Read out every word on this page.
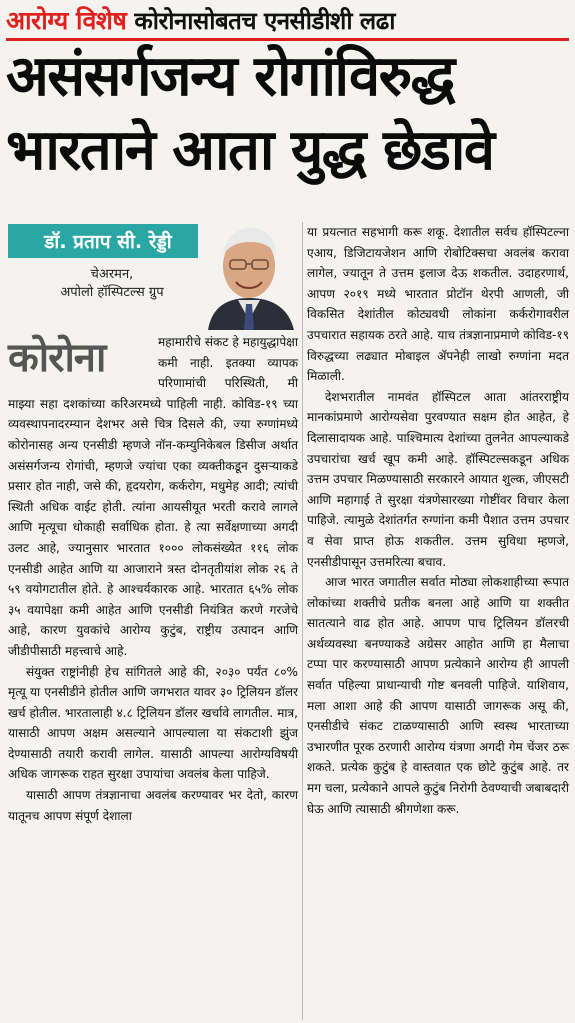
आरोग्य विशेष कोरोनासोबतच एनसीडीशी लढा
असंसर्गजन्य रोगांविरुद्ध
भारताने आता युद्ध छेडावे
डॉ. प्रताप सी. रेड्डी
चेअरमन,
अपोलो हॉस्पिटल्स ग्रुप
कोरोना	महामारीचे संकट हे महायुद्धापेक्षा कमी नाही. इतक्या व्यापक परिणामांची परिस्थिती, मी माझ्या सहा दशकांच्या करिअरमध्ये पाहिली नाही. कोविड-१९ च्या व्यवस्थापनादरम्यान देशभर असे चित्र दिसले की, ज्या रुग्णांमध्ये कोरोनासह अन्य एनसीडी म्हणजे नॉन-कम्युनिकेबल डिसीज अर्थात असंसर्गजन्य रोगांची, म्हणजे ज्यांचा एका व्यक्तीकडून दुसऱ्याकडे प्रसार होत नाही, जसे की, हृदयरोग, कर्करोग, मधुमेह आदी; त्यांची स्थिती अधिक वाईट होती. त्यांना आयसीयूत भरती करावे लागले आणि मृत्यूचा धोकाही सर्वाधिक होता. हे त्या सर्वेक्षणाच्या अगदी उलट आहे, ज्यानुसार भारतात १००० लोकसंख्येत ११६ लोक एनसीडी आहेत आणि या आजाराने त्रस्त दोनतृतीयांश लोक २६ ते ५९ वयोगटातील होते. हे आश्चर्यकारक आहे. भारतात ६५% लोक ३५ वयापेक्षा कमी आहेत आणि एनसीडी नियंत्रित करणे गरजेचे आहे, कारण युवकांचे आरोग्य कुटुंब, राष्ट्रीय उत्पादन आणि जीडीपीसाठी महत्त्वाचे आहे.

संयुक्त राष्ट्रांनीही हेच सांगितले आहे की, २०३० पर्यंत ८०% मृत्यू या एनसीडीने होतील आणि जगभरात यावर ३० ट्रिलियन डॉलर खर्च होतील. भारतालाही ४.८ ट्रिलियन डॉलर खर्चावे लागतील. मात्र, यासाठी आपण अक्षम असल्याने आपल्याला या संकटाशी झुंज देण्यासाठी तयारी करावी लागेल. यासाठी आपल्या आरोग्यविषयी अधिक जागरूक राहत सुरक्षा उपायांचा अवलंब केला पाहिजे.

यासाठी आपण तंत्रज्ञानाचा अवलंब करण्यावर भर देतो, कारण यातूनच आपण संपूर्ण देशाला

या प्रयत्नात सहभागी करू शकू. देशातील सर्वच हॉस्पिटल्ना एआय, डिजिटायजेशन आणि रोबोटिक्सचा अवलंब करावा लागेल, ज्यातून ते उत्तम इलाज देऊ शकतील. उदाहरणार्थ, आपण २०१९ मध्ये भारतात प्रोटॉन थेरपी आणली, जी विकसित देशांतील कोट्यवधी लोकांना कर्करोगावरील उपचारात सहायक ठरते आहे. याच तंत्रज्ञानाप्रमाणे कोविड-१९ विरुद्धच्या लढ्यात मोबाइल ॲपनेही लाखो रुग्णांना मदत मिळाली.

देशभरातील नामवंत हॉस्पिटल आता आंतरराष्ट्रीय मानकांप्रमाणे आरोग्यसेवा पुरवण्यात सक्षम होत आहेत, हे दिलासादायक आहे. पाश्चिमात्य देशांच्या तुलनेत आपल्याकडे उपचारांचा खर्च खूप कमी आहे. हॉस्पिटल्सकडून अधिक उत्तम उपचार मिळण्यासाठी सरकारने आयात शुल्क, जीएसटी आणि महागाई ते सुरक्षा यंत्रणेसारख्या गोष्टींवर विचार केला पाहिजे. त्यामुळे देशांतर्गत रुग्णांना कमी पैशात उत्तम उपचार व सेवा प्राप्त होऊ शकतील. उत्तम सुविधा म्हणजे, एनसीडीपासून उत्तमरित्या बचाव.

आज भारत जगातील सर्वात मोठ्या लोकशाहीच्या रूपात लोकांच्या शक्तीचे प्रतीक बनला आहे आणि या शक्तीत सातत्याने वाढ होत आहे. आपण पाच ट्रिलियन डॉलरची अर्थव्यवस्था बनण्याकडे अग्रेसर आहोत आणि हा मैलाचा टप्पा पार करण्यासाठी आपण प्रत्येकाने आरोग्य ही आपली सर्वात पहिल्या प्राधान्याची गोष्ट बनवली पाहिजे. याशिवाय, मला आशा आहे की आपण यासाठी जागरूक असू की, एनसीडीचे संकट टाळण्यासाठी आणि स्वस्थ भारताच्या उभारणीत पूरक ठरणारी आरोग्य यंत्रणा अगदी गेम चेंजर ठरू शकते. प्रत्येक कुटुंब हे वास्तवात एक छोटे कुटुंब आहे. तर मग चला, प्रत्येकाने आपले कुटुंब निरोगी ठेवण्याची जबाबदारी घेऊ आणि त्यासाठी श्रीगणेशा करू.
